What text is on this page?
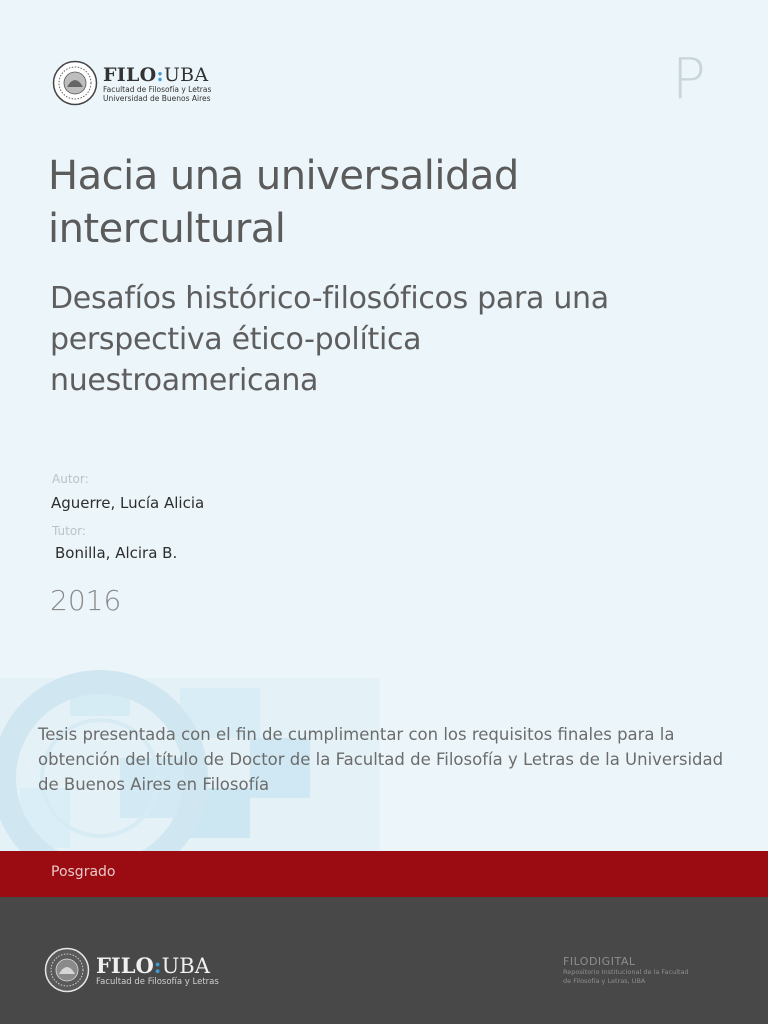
FILO:UBA
Facultad de Filosofía y Letras
Universidad de Buenos Aires	P
Hacia una universalidad intercultural
Desafíos histórico-filosóficos para una perspectiva ético-política nuestroamericana
Autor:
Aguerre, Lucía Alicia
Tutor:
Bonilla, Alcira B.
2016

Tesis presentada con el fin de cumplimentar con los requisitos finales para la obtención del título de Doctor de la Facultad de Filosofía y Letras de la Universidad de Buenos Aires en Filosofía

Posgrado
FILO:UBA
Facultad de Filosofía y Letras
FILODIGITAL
Repositorio Institucional de la Facultad
de Filosofía y Letras, UBA
